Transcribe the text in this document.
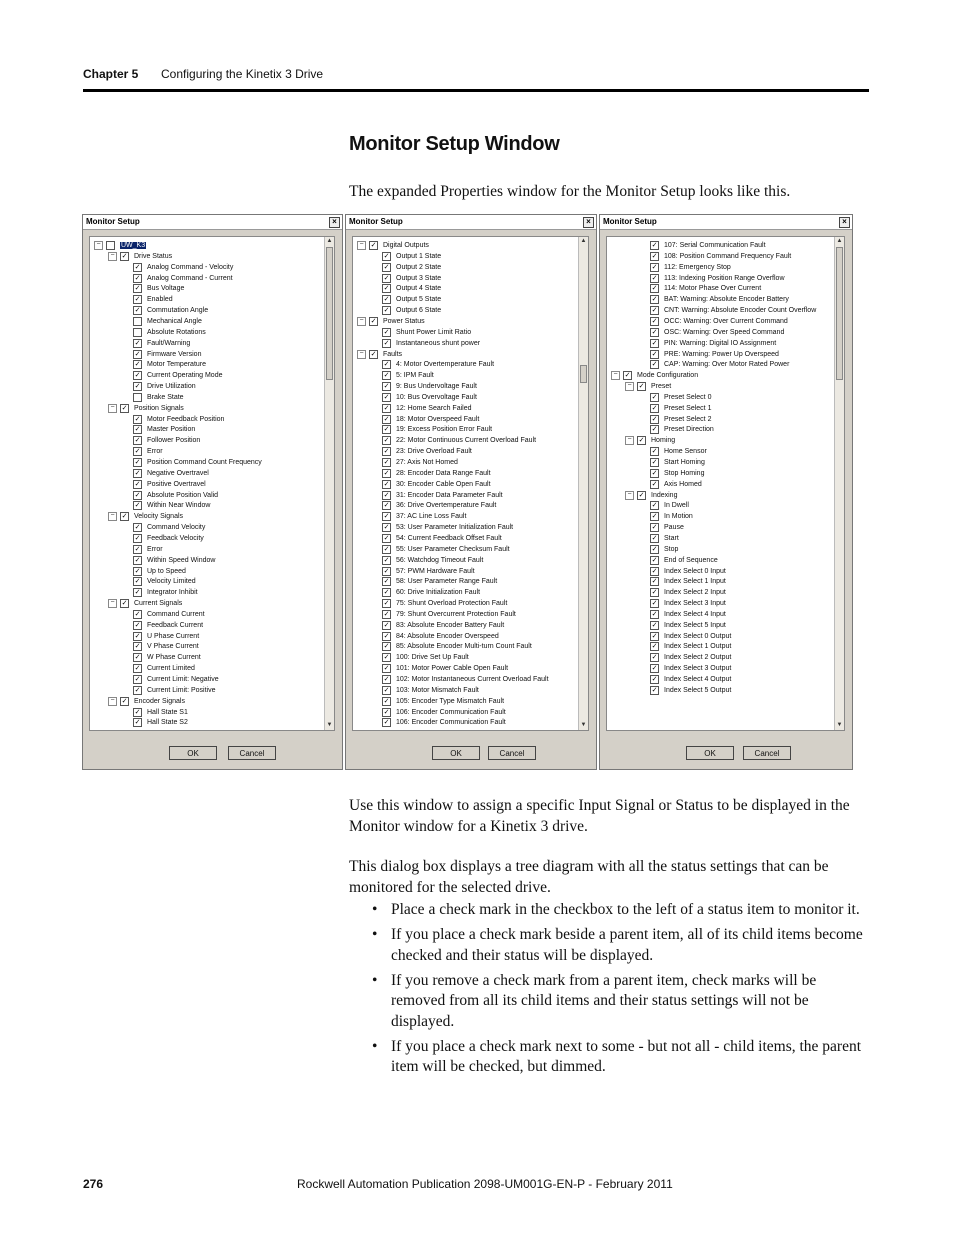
Chapter 5 Configuring the Kinetix 3 Drive
Monitor Setup Window
The expanded Properties window for the Monitor Setup looks like this.
Monitor Setup	×
▲
▼
−	UW_K3
− ✓ Drive Status
✓ Analog Command - Velocity
✓ Analog Command - Current
✓ Bus Voltage
✓ Enabled
✓ Commutation Angle
Mechanical Angle
Absolute Rotations
✓ Fault/Warning
✓ Firmware Version
✓ Motor Temperature
✓ Current Operating Mode
✓ Drive Utilization
Brake State
− ✓ Position Signals
✓ Motor Feedback Position
✓ Master Position
✓ Follower Position
✓ Error
✓ Position Command Count Frequency
✓ Negative Overtravel
✓ Positive Overtravel
✓ Absolute Position Valid
✓ Within Near Window
− ✓ Velocity Signals
✓ Command Velocity
✓ Feedback Velocity
✓ Error
✓ Within Speed Window
✓ Up to Speed
✓ Velocity Limited
✓ Integrator Inhibit
− ✓ Current Signals
✓ Command Current
✓ Feedback Current
✓ U Phase Current
✓ V Phase Current
✓ W Phase Current
✓ Current Limited
✓ Current Limit: Negative
✓ Current Limit: Positive
− ✓ Encoder Signals
✓ Hall State S1
✓ Hall State S2
OK	Cancel
Monitor Setup	×
▲
▼
− ✓ Digital Outputs
✓ Output 1 State
✓ Output 2 State
✓ Output 3 State
✓ Output 4 State
✓ Output 5 State
✓ Output 6 State
− ✓ Power Status
✓ Shunt Power Limit Ratio
✓ Instantaneous shunt power
− ✓ Faults
✓ 4: Motor Overtemperature Fault
✓ 5: IPM Fault
✓ 9: Bus Undervoltage Fault
✓ 10: Bus Overvoltage Fault
✓ 12: Home Search Failed
✓ 18: Motor Overspeed Fault
✓ 19: Excess Position Error Fault
✓ 22: Motor Continuous Current Overload Fault
✓ 23: Drive Overload Fault
✓ 27: Axis Not Homed
✓ 28: Encoder Data Range Fault
✓ 30: Encoder Cable Open Fault
✓ 31: Encoder Data Parameter Fault
✓ 36: Drive Overtemperature Fault
✓ 37: AC Line Loss Fault
✓ 53: User Parameter Initialization Fault
✓ 54: Current Feedback Offset Fault
✓ 55: User Parameter Checksum Fault
✓ 56: Watchdog Timeout Fault
✓ 57: PWM Hardware Fault
✓ 58: User Parameter Range Fault
✓ 60: Drive Initialization Fault
✓ 75: Shunt Overload Protection Fault
✓ 79: Shunt Overcurrent Protection Fault
✓ 83: Absolute Encoder Battery Fault
✓ 84: Absolute Encoder Overspeed
✓ 85: Absolute Encoder Multi-turn Count Fault
✓ 100: Drive Set Up Fault
✓ 101: Motor Power Cable Open Fault
✓ 102: Motor Instantaneous Current Overload Fault
✓ 103: Motor Mismatch Fault
✓ 105: Encoder Type Mismatch Fault
✓ 106: Encoder Communication Fault
✓ 106: Encoder Communication Fault
OK	Cancel
Monitor Setup	×
▲
▼
✓ 107: Serial Communication Fault
✓ 108: Position Command Frequency Fault
✓ 112: Emergency Stop
✓ 113: Indexing Position Range Overflow
✓ 114: Motor Phase Over Current
✓ BAT: Warning: Absolute Encoder Battery
✓ CNT: Warning: Absolute Encoder Count Overflow
✓ OCC: Warning: Over Current Command
✓ OSC: Warning: Over Speed Command
✓ PIN: Warning: Digital IO Assignment
✓ PRE: Warning: Power Up Overspeed
✓ CAP: Warning: Over Motor Rated Power
− ✓ Mode Configuration
− ✓ Preset
✓ Preset Select 0
✓ Preset Select 1
✓ Preset Select 2
✓ Preset Direction
− ✓ Homing
✓ Home Sensor
✓ Start Homing
✓ Stop Homing
✓ Axis Homed
− ✓ Indexing
✓ In Dwell
✓ In Motion
✓ Pause
✓ Start
✓ Stop
✓ End of Sequence
✓ Index Select 0 Input
✓ Index Select 1 Input
✓ Index Select 2 Input
✓ Index Select 3 Input
✓ Index Select 4 Input
✓ Index Select 5 Input
✓ Index Select 0 Output
✓ Index Select 1 Output
✓ Index Select 2 Output
✓ Index Select 3 Output
✓ Index Select 4 Output
✓ Index Select 5 Output
OK	Cancel

Use this window to assign a specific Input Signal or Status to be displayed in the Monitor window for a Kinetix 3 drive.

This dialog box displays a tree diagram with all the status settings that can be monitored for the selected drive.

• Place a check mark in the checkbox to the left of a status item to monitor it.
• If you place a check mark beside a parent item, all of its child items become checked and their status will be displayed.
• If you remove a check mark from a parent item, check marks will be removed from all its child items and their status settings will not be displayed.
• If you place a check mark next to some - but not all - child items, the parent item will be checked, but dimmed.
276	Rockwell Automation Publication 2098-UM001G-EN-P - February 2011
